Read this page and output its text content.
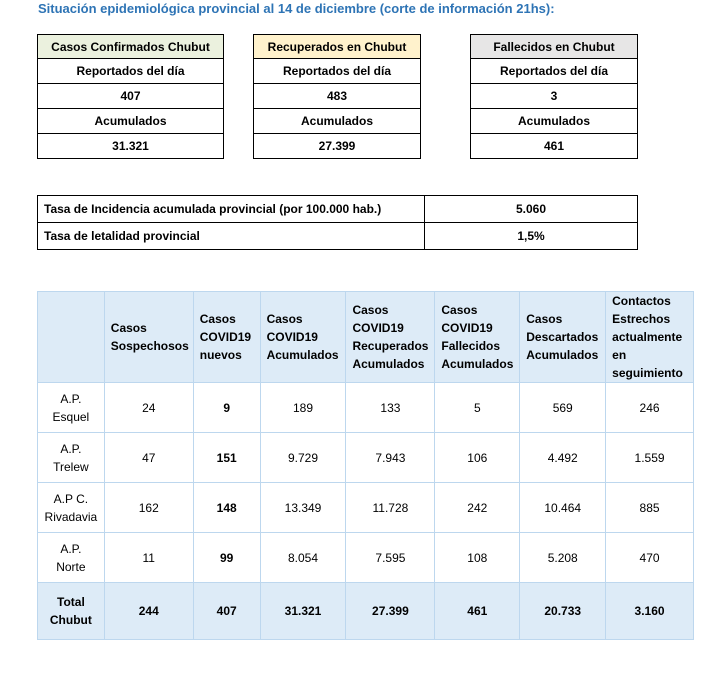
Situación epidemiológica provincial al 14 de diciembre (corte de información 21hs):
Casos Confirmados Chubut
Reportados del día
407
Acumulados
31.321
Recuperados en Chubut
Reportados del día
483
Acumulados
27.399
Fallecidos en Chubut
Reportados del día
3
Acumulados
461
Tasa de Incidencia acumulada provincial (por 100.000 hab.)	5.060
Tasa de letalidad provincial	1,5%
	Casos
Sospechosos	Casos
COVID19
nuevos	Casos
COVID19
Acumulados	Casos
COVID19
Recuperados
Acumulados	Casos
COVID19
Fallecidos
Acumulados	Casos
Descartados
Acumulados	Contactos
Estrechos
actualmente
en
seguimiento
A.P.
Esquel	24	9	189	133	5	569	246
A.P.
Trelew	47	151	9.729	7.943	106	4.492	1.559
A.P C.
Rivadavia	162	148	13.349	11.728	242	10.464	885
A.P.
Norte	11	99	8.054	7.595	108	5.208	470
Total
Chubut	244	407	31.321	27.399	461	20.733	3.160
